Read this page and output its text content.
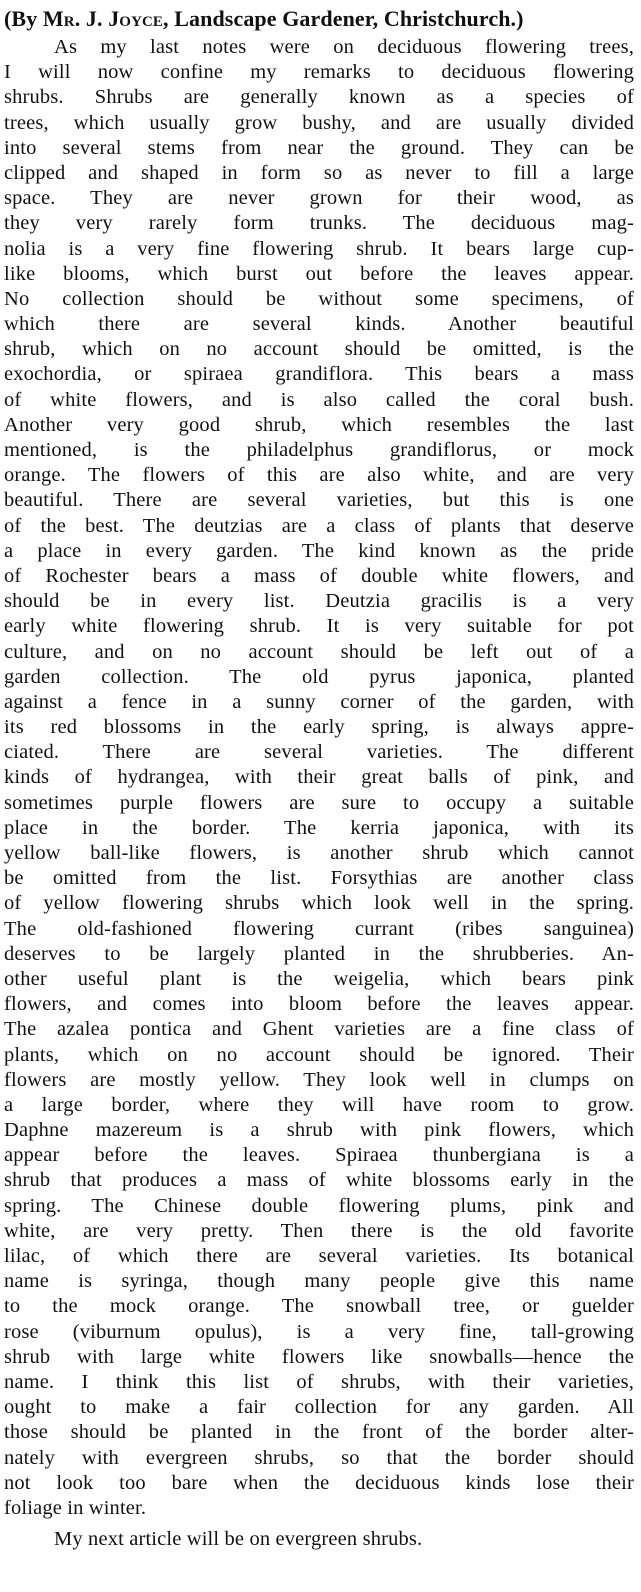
(By Mr. J. Joyce, Landscape Gardener, Christchurch.)
As my last notes were on deciduous flowering trees,
I will now confine my remarks to deciduous flowering
shrubs. Shrubs are generally known as a species of
trees, which usually grow bushy, and are usually divided
into several stems from near the ground. They can be
clipped and shaped in form so as never to fill a large
space. They are never grown for their wood, as
they very rarely form trunks. The deciduous mag-
nolia is a very fine flowering shrub. It bears large cup-
like blooms, which burst out before the leaves appear.
No collection should be without some specimens, of
which there are several kinds. Another beautiful
shrub, which on no account should be omitted, is the
exochordia, or spiraea grandiflora. This bears a mass
of white flowers, and is also called the coral bush.
Another very good shrub, which resembles the last
mentioned, is the philadelphus grandiflorus, or mock
orange. The flowers of this are also white, and are very
beautiful. There are several varieties, but this is one
of the best. The deutzias are a class of plants that deserve
a place in every garden. The kind known as the pride
of Rochester bears a mass of double white flowers, and
should be in every list. Deutzia gracilis is a very
early white flowering shrub. It is very suitable for pot
culture, and on no account should be left out of a
garden collection. The old pyrus japonica, planted
against a fence in a sunny corner of the garden, with
its red blossoms in the early spring, is always appre-
ciated. There are several varieties. The different
kinds of hydrangea, with their great balls of pink, and
sometimes purple flowers are sure to occupy a suitable
place in the border. The kerria japonica, with its
yellow ball-like flowers, is another shrub which cannot
be omitted from the list. Forsythias are another class
of yellow flowering shrubs which look well in the spring.
The old-fashioned flowering currant (ribes sanguinea)
deserves to be largely planted in the shrubberies. An-
other useful plant is the weigelia, which bears pink
flowers, and comes into bloom before the leaves appear.
The azalea pontica and Ghent varieties are a fine class of
plants, which on no account should be ignored. Their
flowers are mostly yellow. They look well in clumps on
a large border, where they will have room to grow.
Daphne mazereum is a shrub with pink flowers, which
appear before the leaves. Spiraea thunbergiana is a
shrub that produces a mass of white blossoms early in the
spring. The Chinese double flowering plums, pink and
white, are very pretty. Then there is the old favorite
lilac, of which there are several varieties. Its botanical
name is syringa, though many people give this name
to the mock orange. The snowball tree, or guelder
rose (viburnum opulus), is a very fine, tall-growing
shrub with large white flowers like snowballs—hence the
name. I think this list of shrubs, with their varieties,
ought to make a fair collection for any garden. All
those should be planted in the front of the border alter-
nately with evergreen shrubs, so that the border should
not look too bare when the deciduous kinds lose their
foliage in winter.
My next article will be on evergreen shrubs.
